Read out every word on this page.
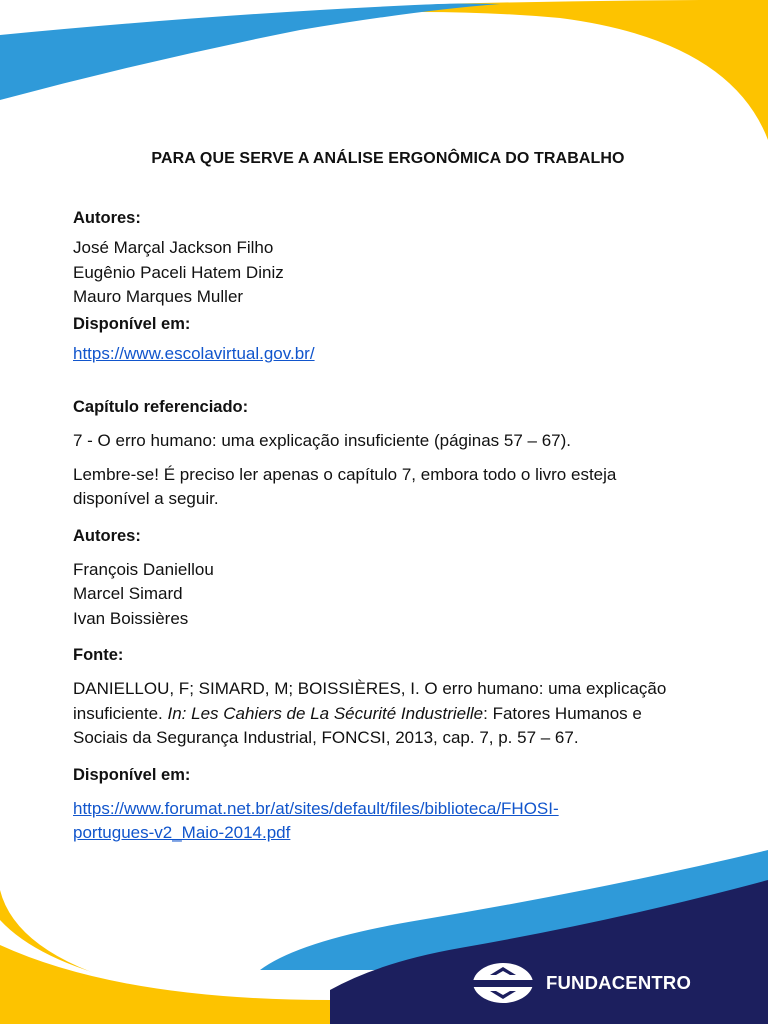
PARA QUE SERVE A ANÁLISE ERGONÔMICA DO TRABALHO

Autores:

José Marçal Jackson Filho

Eugênio Paceli Hatem Diniz

Mauro Marques Muller

Disponível em:

https://www.escolavirtual.gov.br/

Capítulo referenciado:

7 - O erro humano: uma explicação insuficiente (páginas 57 – 67).

Lembre-se! É preciso ler apenas o capítulo 7, embora todo o livro esteja

disponível a seguir.

Autores:

François Daniellou

Marcel Simard

Ivan Boissières

Fonte:

DANIELLOU, F; SIMARD, M; BOISSIÈRES, I. O erro humano: uma explicação

insuficiente. In: Les Cahiers de La Sécurité Industrielle: Fatores Humanos e

Sociais da Segurança Industrial, FONCSI, 2013, cap. 7, p. 57 – 67.

Disponível em:

https://www.forumat.net.br/at/sites/default/files/biblioteca/FHOSI-

portugues-v2_Maio-2014.pdf

FUNDACENTRO
